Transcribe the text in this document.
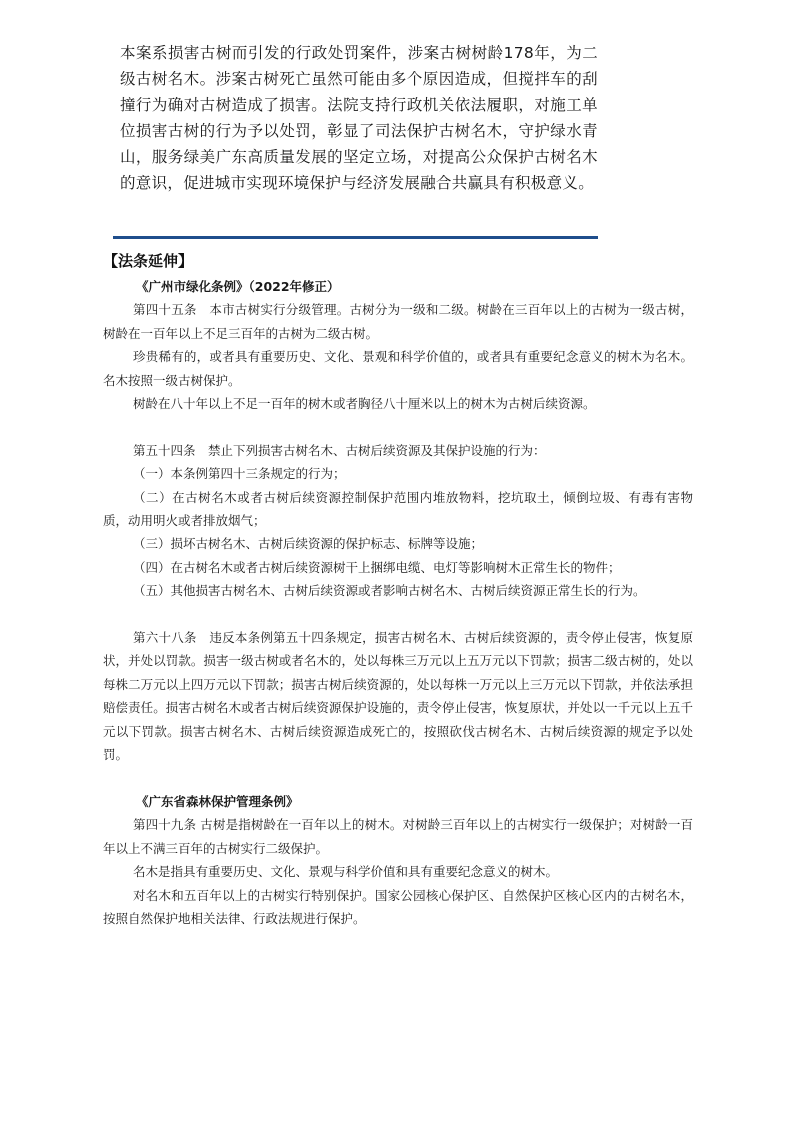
本案系损害古树而引发的行政处罚案件，涉案古树树龄178年，为二级古树名木。涉案古树死亡虽然可能由多个原因造成，但搅拌车的刮撞行为确对古树造成了损害。法院支持行政机关依法履职，对施工单位损害古树的行为予以处罚，彰显了司法保护古树名木，守护绿水青山，服务绿美广东高质量发展的坚定立场，对提高公众保护古树名木的意识，促进城市实现环境保护与经济发展融合共赢具有积极意义。

【法条延伸】

《广州市绿化条例》（2022年修正）

第四十五条　本市古树实行分级管理。古树分为一级和二级。树龄在三百年以上的古树为一级古树，树龄在一百年以上不足三百年的古树为二级古树。

珍贵稀有的，或者具有重要历史、文化、景观和科学价值的，或者具有重要纪念意义的树木为名木。名木按照一级古树保护。

树龄在八十年以上不足一百年的树木或者胸径八十厘米以上的树木为古树后续资源。

第五十四条　禁止下列损害古树名木、古树后续资源及其保护设施的行为：

（一）本条例第四十三条规定的行为；

（二）在古树名木或者古树后续资源控制保护范围内堆放物料，挖坑取土，倾倒垃圾、有毒有害物质，动用明火或者排放烟气；

（三）损坏古树名木、古树后续资源的保护标志、标牌等设施；

（四）在古树名木或者古树后续资源树干上捆绑电缆、电灯等影响树木正常生长的物件；

（五）其他损害古树名木、古树后续资源或者影响古树名木、古树后续资源正常生长的行为。

第六十八条　违反本条例第五十四条规定，损害古树名木、古树后续资源的，责令停止侵害，恢复原状，并处以罚款。损害一级古树或者名木的，处以每株三万元以上五万元以下罚款；损害二级古树的，处以每株二万元以上四万元以下罚款；损害古树后续资源的，处以每株一万元以上三万元以下罚款，并依法承担赔偿责任。损害古树名木或者古树后续资源保护设施的，责令停止侵害，恢复原状，并处以一千元以上五千元以下罚款。损害古树名木、古树后续资源造成死亡的，按照砍伐古树名木、古树后续资源的规定予以处罚。

《广东省森林保护管理条例》

第四十九条 古树是指树龄在一百年以上的树木。对树龄三百年以上的古树实行一级保护；对树龄一百年以上不满三百年的古树实行二级保护。

名木是指具有重要历史、文化、景观与科学价值和具有重要纪念意义的树木。

对名木和五百年以上的古树实行特别保护。国家公园核心保护区、自然保护区核心区内的古树名木，按照自然保护地相关法律、行政法规进行保护。
